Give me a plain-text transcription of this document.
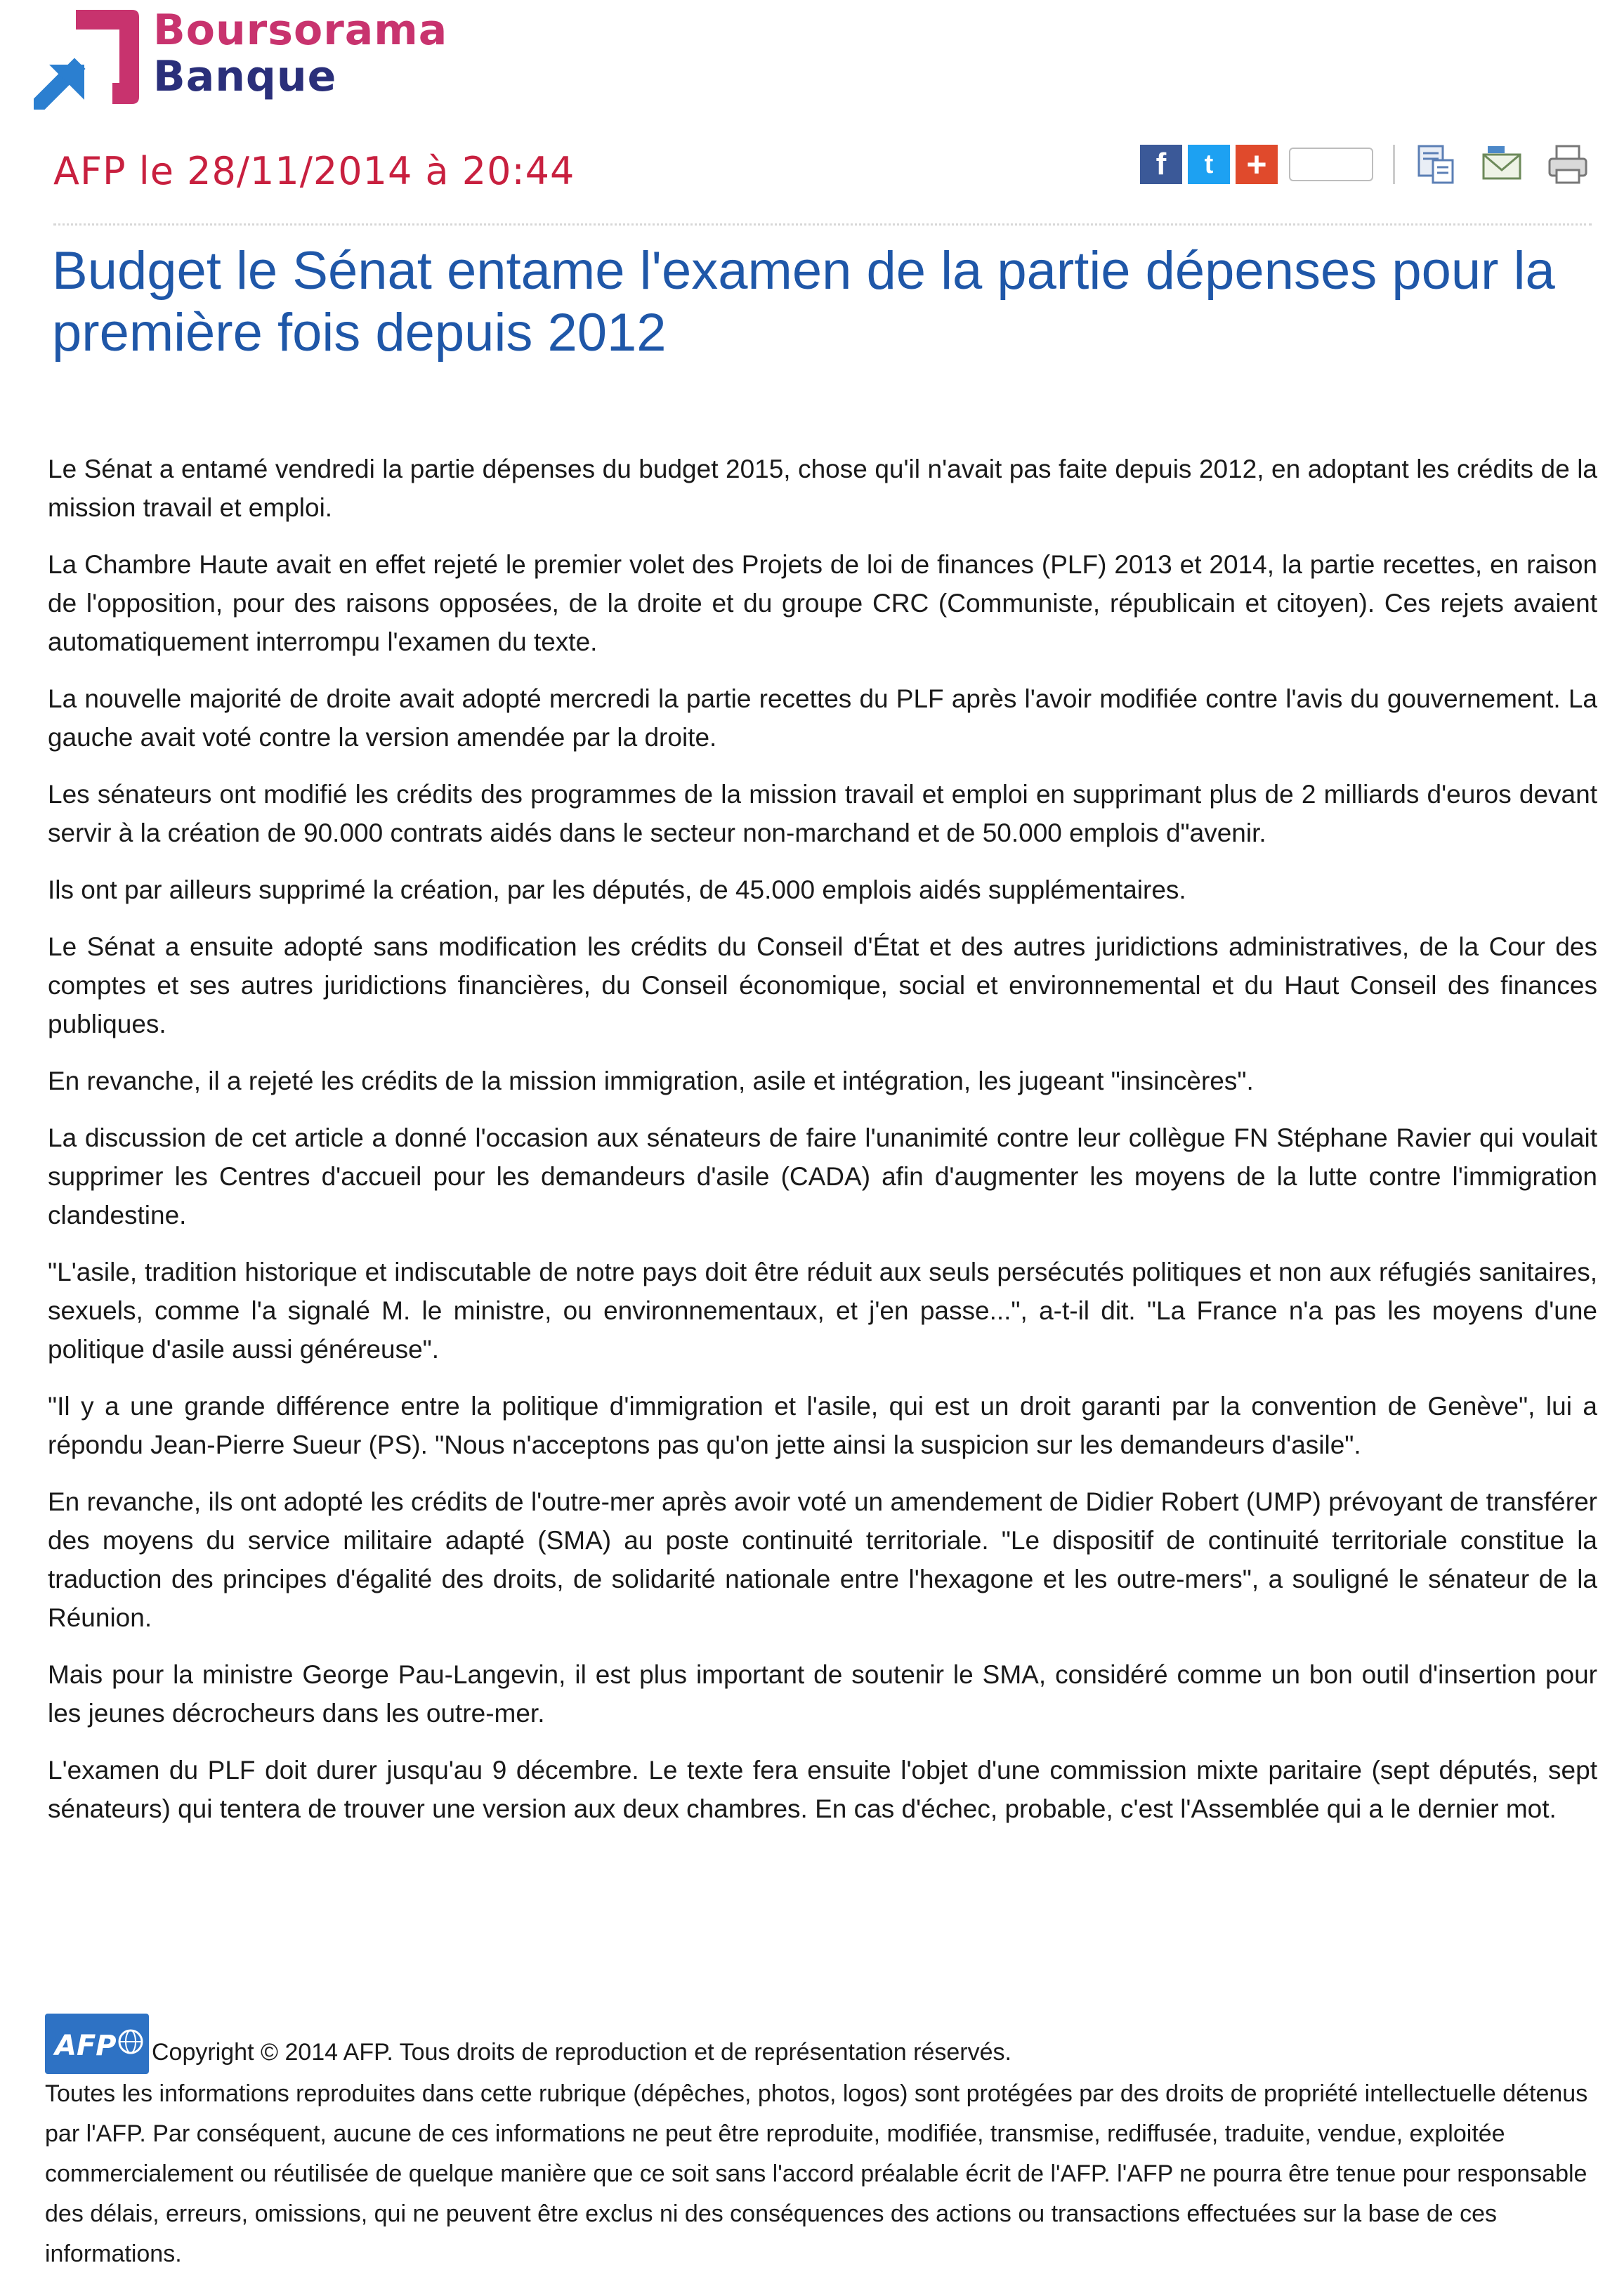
Boursorama
Banque
AFP le 28/11/2014 à 20:44	f	t +
Budget le Sénat entame l'examen de la partie dépenses pour la première fois depuis 2012

Le Sénat a entamé vendredi la partie dépenses du budget 2015, chose qu'il n'avait pas faite depuis 2012, en adoptant les crédits de la mission travail et emploi.

La Chambre Haute avait en effet rejeté le premier volet des Projets de loi de finances (PLF) 2013 et 2014, la partie recettes, en raison de l'opposition, pour des raisons opposées, de la droite et du groupe CRC (Communiste, républicain et citoyen). Ces rejets avaient automatiquement interrompu l'examen du texte.

La nouvelle majorité de droite avait adopté mercredi la partie recettes du PLF après l'avoir modifiée contre l'avis du gouvernement. La gauche avait voté contre la version amendée par la droite.

Les sénateurs ont modifié les crédits des programmes de la mission travail et emploi en supprimant plus de 2 milliards d'euros devant servir à la création de 90.000 contrats aidés dans le secteur non-marchand et de 50.000 emplois d"avenir.

Ils ont par ailleurs supprimé la création, par les députés, de 45.000 emplois aidés supplémentaires.

Le Sénat a ensuite adopté sans modification les crédits du Conseil d'État et des autres juridictions administratives, de la Cour des comptes et ses autres juridictions financières, du Conseil économique, social et environnemental et du Haut Conseil des finances publiques.

En revanche, il a rejeté les crédits de la mission immigration, asile et intégration, les jugeant "insincères".

La discussion de cet article a donné l'occasion aux sénateurs de faire l'unanimité contre leur collègue FN Stéphane Ravier qui voulait supprimer les Centres d'accueil pour les demandeurs d'asile (CADA) afin d'augmenter les moyens de la lutte contre l'immigration clandestine.

"L'asile, tradition historique et indiscutable de notre pays doit être réduit aux seuls persécutés politiques et non aux réfugiés sanitaires, sexuels, comme l'a signalé M. le ministre, ou environnementaux, et j'en passe...", a-t-il dit. "La France n'a pas les moyens d'une politique d'asile aussi généreuse".

"Il y a une grande différence entre la politique d'immigration et l'asile, qui est un droit garanti par la convention de Genève", lui a répondu Jean-Pierre Sueur (PS). "Nous n'acceptons pas qu'on jette ainsi la suspicion sur les demandeurs d'asile".

En revanche, ils ont adopté les crédits de l'outre-mer après avoir voté un amendement de Didier Robert (UMP) prévoyant de transférer des moyens du service militaire adapté (SMA) au poste continuité territoriale. "Le dispositif de continuité territoriale constitue la traduction des principes d'égalité des droits, de solidarité nationale entre l'hexagone et les outre-mers", a souligné le sénateur de la Réunion.

Mais pour la ministre George Pau-Langevin, il est plus important de soutenir le SMA, considéré comme un bon outil d'insertion pour les jeunes décrocheurs dans les outre-mer.

L'examen du PLF doit durer jusqu'au 9 décembre. Le texte fera ensuite l'objet d'une commission mixte paritaire (sept députés, sept sénateurs) qui tentera de trouver une version aux deux chambres. En cas d'échec, probable, c'est l'Assemblée qui a le dernier mot.

AFP Copyright © 2014 AFP. Tous droits de reproduction et de représentation réservés.

Toutes les informations reproduites dans cette rubrique (dépêches, photos, logos) sont protégées par des droits de propriété intellectuelle détenus par l'AFP. Par conséquent, aucune de ces informations ne peut être reproduite, modifiée, transmise, rediffusée, traduite, vendue, exploitée commercialement ou réutilisée de quelque manière que ce soit sans l'accord préalable écrit de l'AFP. l'AFP ne pourra être tenue pour responsable des délais, erreurs, omissions, qui ne peuvent être exclus ni des conséquences des actions ou transactions effectuées sur la base de ces informations.
